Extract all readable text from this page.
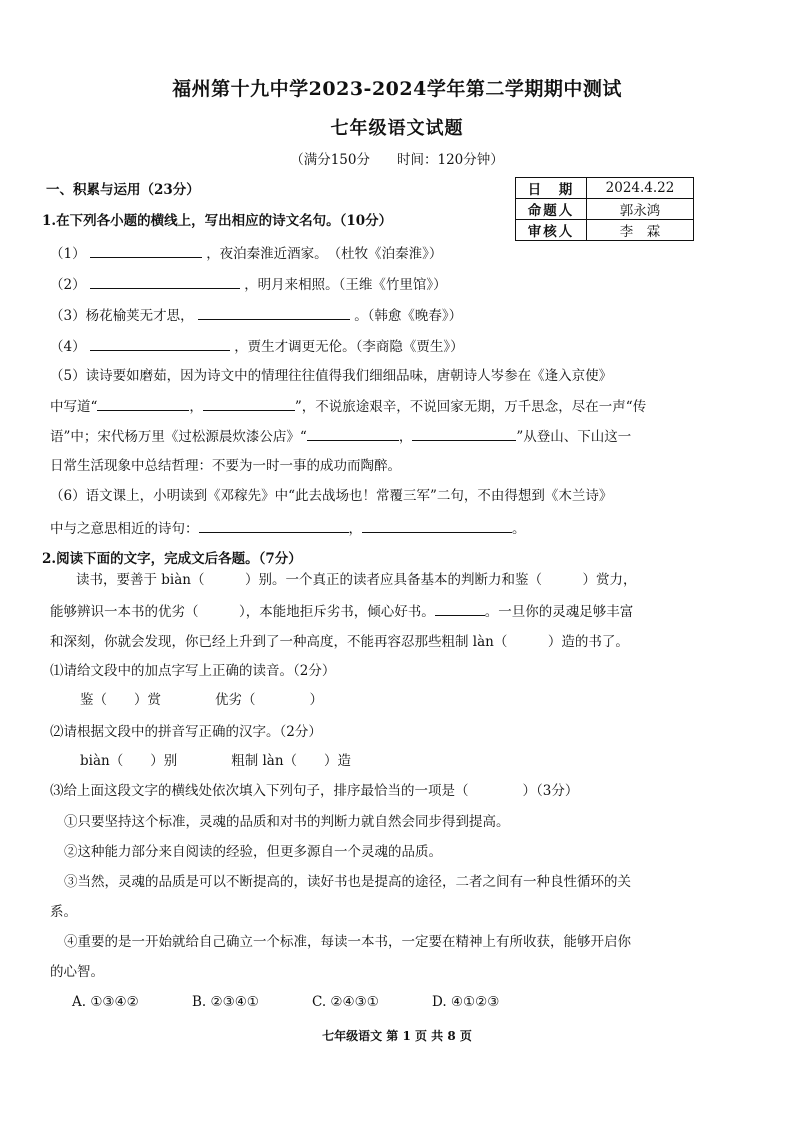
福州第十九中学2023-2024学年第二学期期中测试
七年级语文试题
（满分150分　　时间：120分钟）
日　期	2024.4.22
命题人	郭永鸿
审核人	李　霖
一、积累与运用（23分）
1.在下列各小题的横线上，写出相应的诗文名句。（10分）
（1）	，夜泊秦淮近酒家。　（杜牧《泊秦淮》）
（2）	，明月来相照。（王维《竹里馆》）
（3）杨花榆荚无才思，	。（韩愈《晚春》）
（4）	，贾生才调更无伦。（李商隐《贾生》）
（5）读诗要如磨茹，因为诗文中的情理往往值得我们细细品味，唐朝诗人岑参在《逢入京使》
中写道“	，	”，不说旅途艰辛，不说回家无期，万千思念，尽在一声“传
语”中；宋代杨万里《过松源晨炊漆公店》“	，	”从登山、下山这一
日常生活现象中总结哲理：不要为一时一事的成功而陶醉。
（6）语文课上，小明读到《邓稼先》中“此去战场也！常覆三军”二句，不由得想到《木兰诗》
中与之意思相近的诗句：	，	。
2.阅读下面的文字，完成文后各题。（7分）
读书，要善于 biàn（　　　）别。一个真正的读者应具备基本的判断力和鉴（　　　）赏力，
能够辨识一本书的优劣（　　　），本能地拒斥劣书，倾心好书。	。一旦你的灵魂足够丰富
和深刻，你就会发现，你已经上升到了一种高度，不能再容忍那些粗制 làn（　　　）造的书了。
⑴请给文段中的加点字写上正确的读音。（2分）
鉴（　　）赏　　　　优劣（　　　　）
⑵请根据文段中的拼音写正确的汉字。（2分）
biàn（　　）别　　　　粗制 làn（　　）造
⑶给上面这段文字的横线处依次填入下列句子，排序最恰当的一项是（　　　　）（3分）
①只要坚持这个标准，灵魂的品质和对书的判断力就自然会同步得到提高。
②这种能力部分来自阅读的经验，但更多源自一个灵魂的品质。
③当然，灵魂的品质是可以不断提高的，读好书也是提高的途径，二者之间有一种良性循环的关
系。
④重要的是一开始就给自己确立一个标准，每读一本书，一定要在精神上有所收获，能够开启你
的心智。
A. ①③④②	B. ②③④①	C. ②④③①	D. ④①②③
七年级语文 第 1 页 共 8 页
